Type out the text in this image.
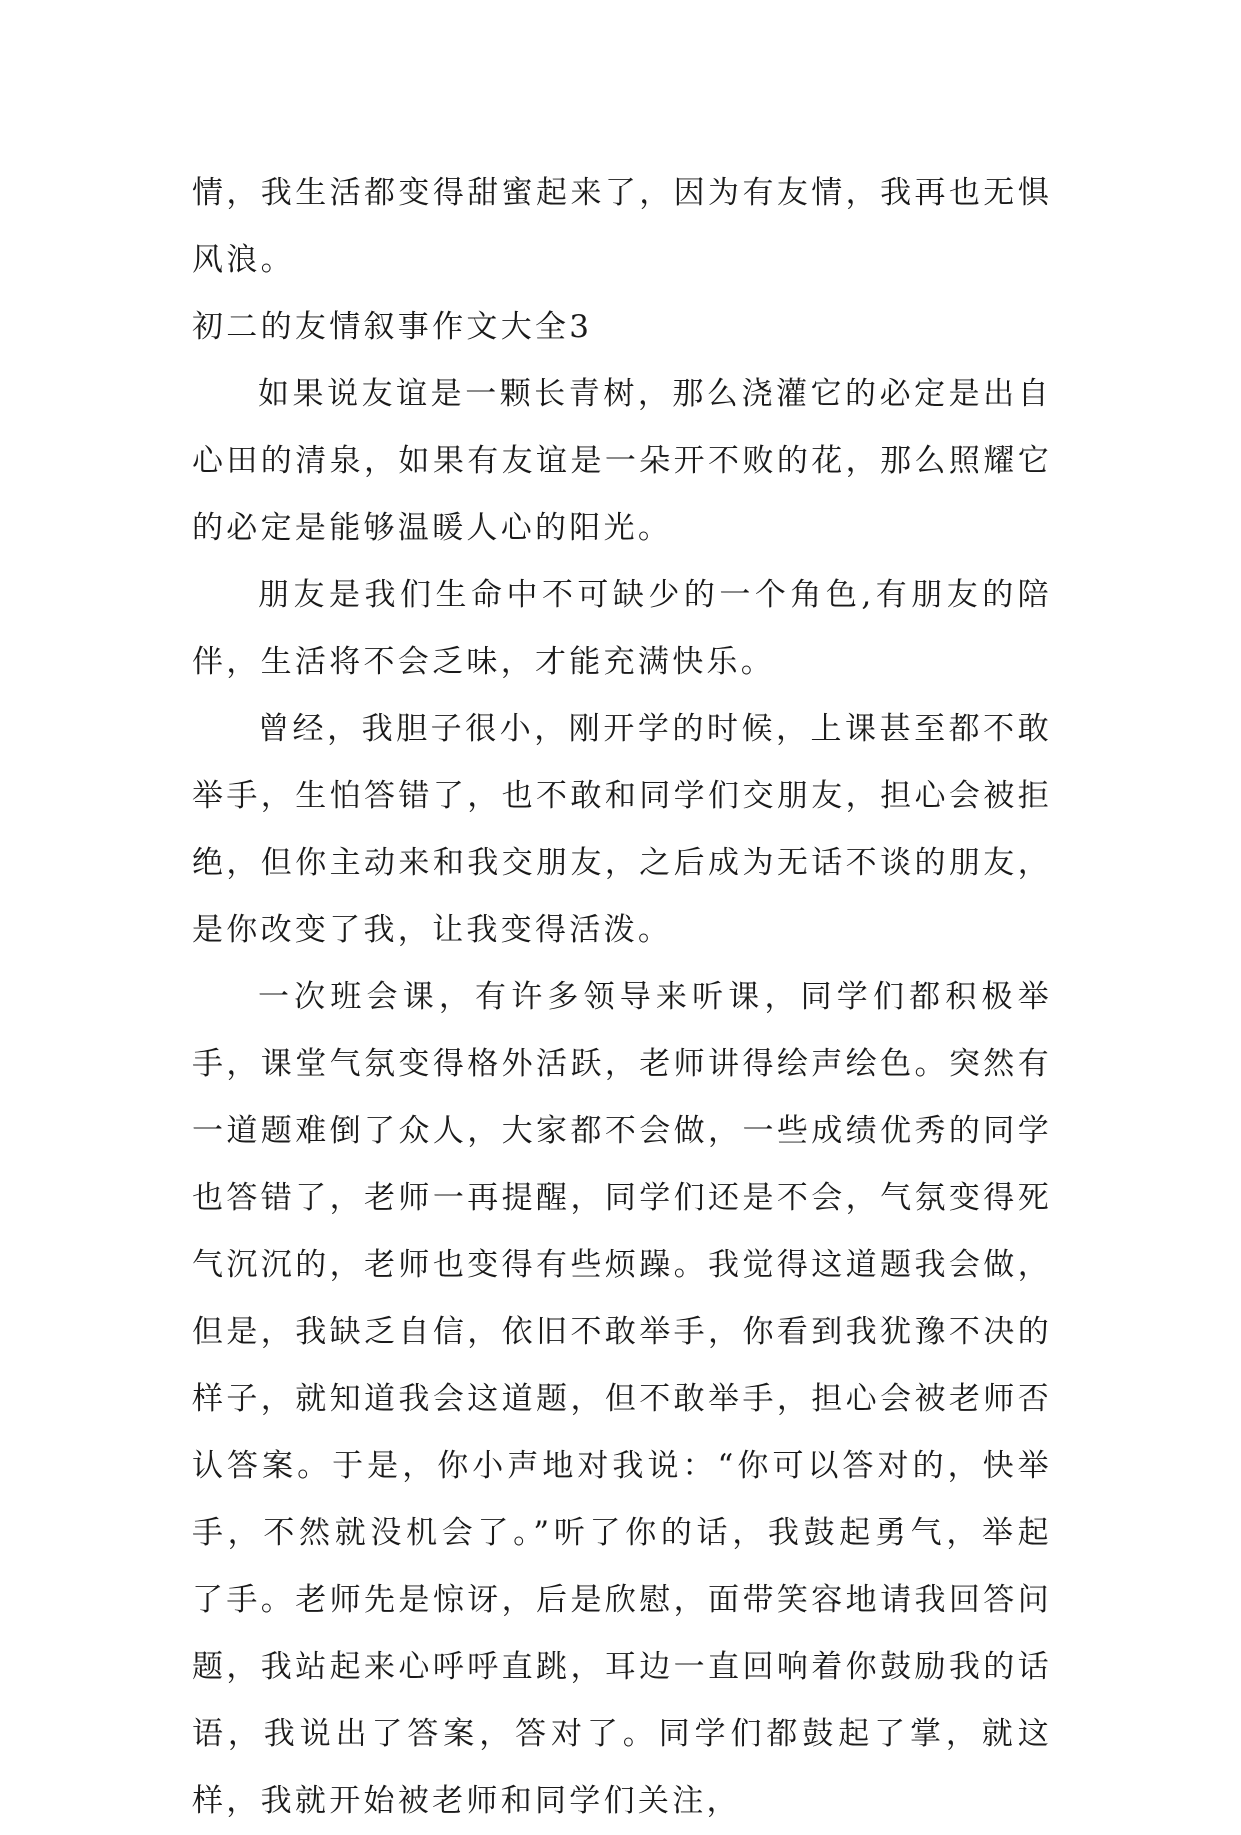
情，我生活都变得甜蜜起来了，因为有友情，我再也无惧风浪。

初二的友情叙事作文大全3

如果说友谊是一颗长青树，那么浇灌它的必定是出自心田的清泉，如果有友谊是一朵开不败的花，那么照耀它的必定是能够温暖人心的阳光。

朋友是我们生命中不可缺少的一个角色,有朋友的陪伴，生活将不会乏味，才能充满快乐。

曾经，我胆子很小，刚开学的时候，上课甚至都不敢举手，生怕答错了，也不敢和同学们交朋友，担心会被拒绝，但你主动来和我交朋友，之后成为无话不谈的朋友，是你改变了我，让我变得活泼。

一次班会课，有许多领导来听课，同学们都积极举手，课堂气氛变得格外活跃，老师讲得绘声绘色。突然有一道题难倒了众人，大家都不会做，一些成绩优秀的同学也答错了，老师一再提醒，同学们还是不会，气氛变得死气沉沉的，老师也变得有些烦躁。我觉得这道题我会做，但是，我缺乏自信，依旧不敢举手，你看到我犹豫不决的样子，就知道我会这道题，但不敢举手，担心会被老师否认答案。于是，你小声地对我说：“你可以答对的，快举手，不然就没机会了。”听了你的话，我鼓起勇气，举起了手。老师先是惊讶，后是欣慰，面带笑容地请我回答问题，我站起来心呼呼直跳，耳边一直回响着你鼓励我的话语，我说出了答案，答对了。同学们都鼓起了掌，就这样，我就开始被老师和同学们关注，
